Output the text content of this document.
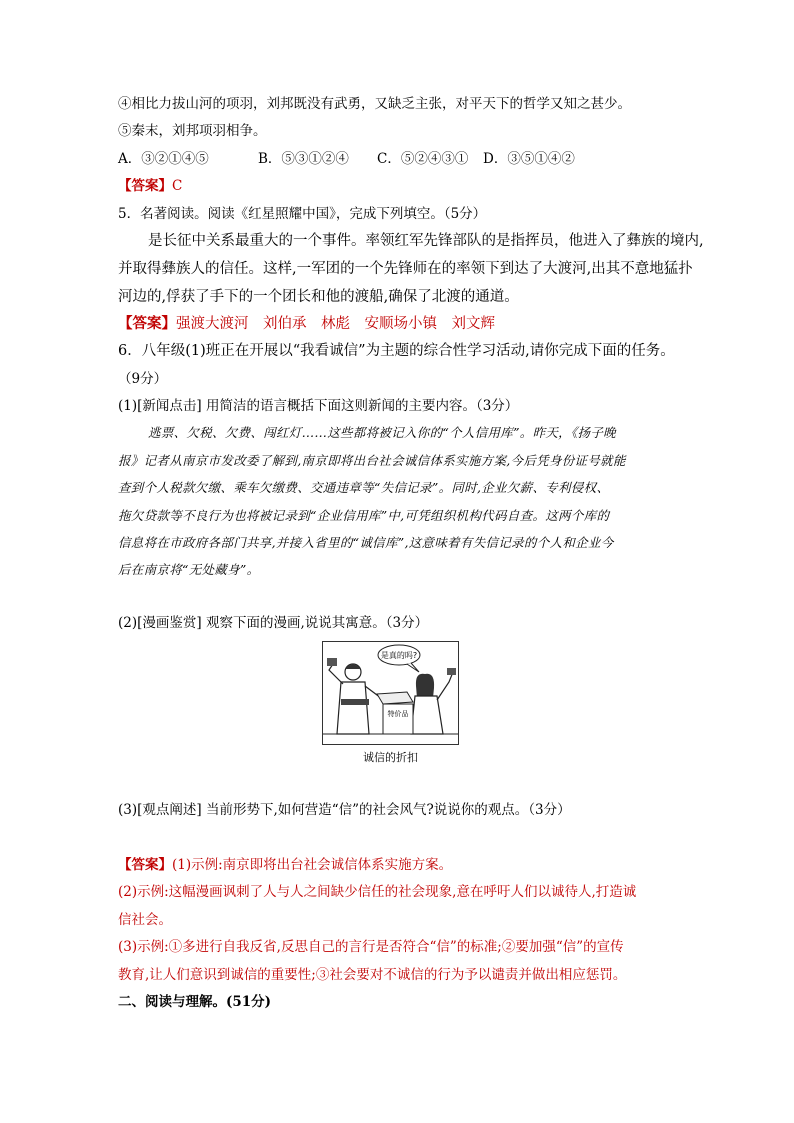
④相比力拔山河的项羽，刘邦既没有武勇，又缺乏主张，对平天下的哲学又知之甚少。
⑤秦末，刘邦项羽相争。
A．③②①④⑤	B．⑤③①②④ C．⑤②④③① D．③⑤①④②
【答案】C
5．名著阅读。阅读《红星照耀中国》，完成下列填空。（5分）
是长征中关系最重大的一个事件。率领红军先锋部队的是指挥员，他进入了彝族的境内,
并取得彝族人的信任。这样,一军团的一个先锋师在的率领下到达了大渡河,出其不意地猛扑
河边的,俘获了手下的一个团长和他的渡船,确保了北渡的通道。
【答案】强渡大渡河　刘伯承　林彪　安顺场小镇　刘文辉
6．八年级(1)班正在开展以“我看诚信”为主题的综合性学习活动,请你完成下面的任务。
（9分）
(1)[新闻点击] 用简洁的语言概括下面这则新闻的主要内容。（3分）
逃票、欠税、欠费、闯红灯……这些都将被记入你的“个人信用库”。昨天，《扬子晚
报》记者从南京市发改委了解到,南京即将出台社会诚信体系实施方案,今后凭身份证号就能
查到个人税款欠缴、乘车欠缴费、交通违章等“失信记录”。同时,企业欠薪、专利侵权、
拖欠贷款等不良行为也将被记录到“企业信用库”中,可凭组织机构代码自查。这两个库的
信息将在市政府各部门共享,并接入省里的“诚信库”,这意味着有失信记录的个人和企业今
后在南京将“无处藏身”。
(2)[漫画鉴赏] 观察下面的漫画,说说其寓意。（3分）
是真的吗?
特价品
诚信的折扣
(3)[观点阐述] 当前形势下,如何营造“信”的社会风气?说说你的观点。（3分）
【答案】(1)示例:南京即将出台社会诚信体系实施方案。
(2)示例:这幅漫画讽刺了人与人之间缺少信任的社会现象,意在呼吁人们以诚待人,打造诚
信社会。
(3)示例:①多进行自我反省,反思自己的言行是否符合“信”的标准;②要加强“信”的宣传
教育,让人们意识到诚信的重要性;③社会要对不诚信的行为予以谴责并做出相应惩罚。
二、阅读与理解。(51分)
